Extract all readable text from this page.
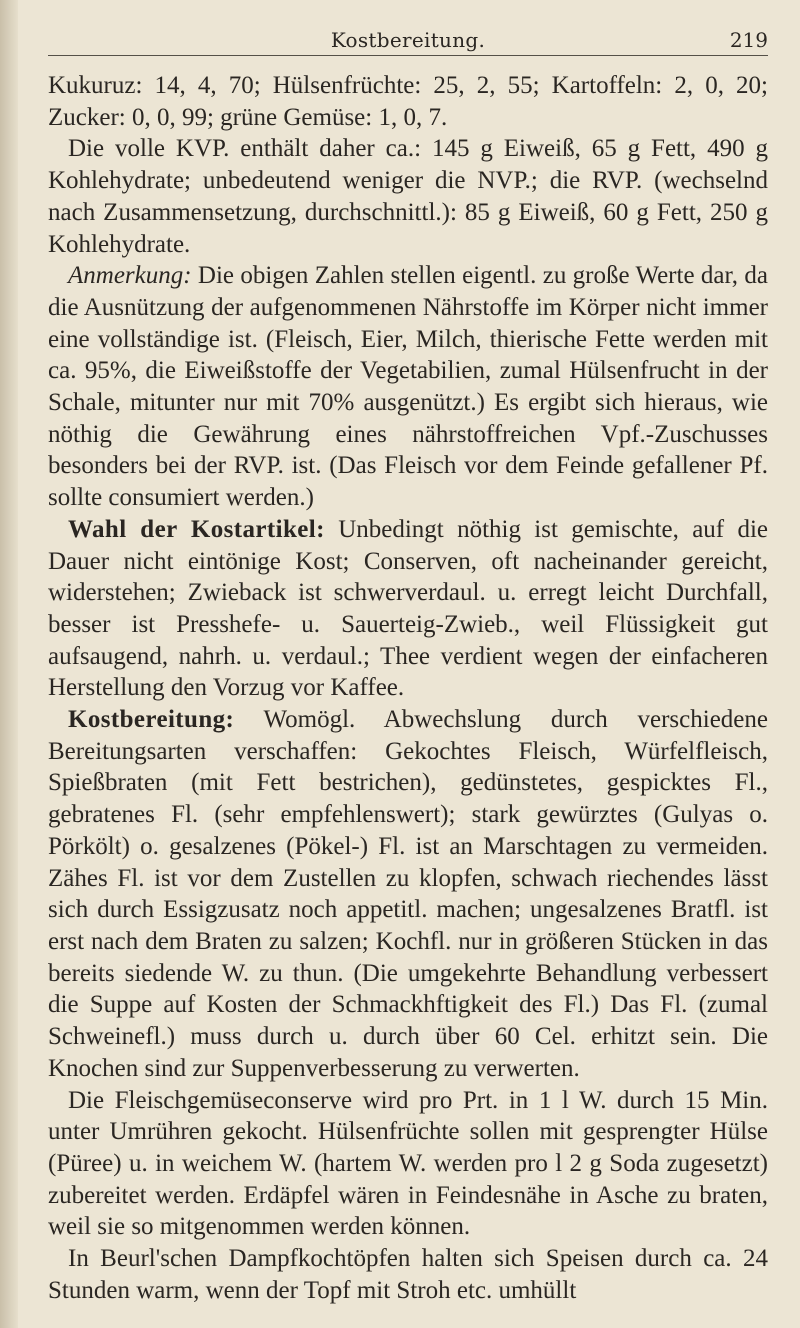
Kostbereitung.	219

Kukuruz: 14, 4, 70; Hülsenfrüchte: 25, 2, 55; Kartoffeln: 2, 0, 20; Zucker: 0, 0, 99; grüne Gemüse: 1, 0, 7.

Die volle KVP. enthält daher ca.: 145 g Eiweiß, 65 g Fett, 490 g Kohlehydrate; unbedeutend weniger die NVP.; die RVP. (wechselnd nach Zusammensetzung, durchschnittl.): 85 g Eiweiß, 60 g Fett, 250 g Kohlehydrate.

Anmerkung: Die obigen Zahlen stellen eigentl. zu große Werte dar, da die Ausnützung der aufgenommenen Nährstoffe im Körper nicht immer eine vollständige ist. (Fleisch, Eier, Milch, thierische Fette werden mit ca. 95%, die Eiweißstoffe der Vegetabilien, zumal Hülsenfrucht in der Schale, mitunter nur mit 70% ausgenützt.) Es ergibt sich hieraus, wie nöthig die Gewährung eines nährstoffreichen Vpf.-Zuschusses besonders bei der RVP. ist. (Das Fleisch vor dem Feinde gefallener Pf. sollte consumiert werden.)

Wahl der Kostartikel: Unbedingt nöthig ist gemischte, auf die Dauer nicht eintönige Kost; Conserven, oft nacheinander gereicht, widerstehen; Zwieback ist schwerverdaul. u. erregt leicht Durchfall, besser ist Presshefe- u. Sauerteig-Zwieb., weil Flüssigkeit gut aufsaugend, nahrh. u. verdaul.; Thee verdient wegen der einfacheren Herstellung den Vorzug vor Kaffee.

Kostbereitung: Womögl. Abwechslung durch verschiedene Bereitungsarten verschaffen: Gekochtes Fleisch, Würfelfleisch, Spießbraten (mit Fett bestrichen), gedünstetes, gespicktes Fl., gebratenes Fl. (sehr empfehlenswert); stark gewürztes (Gulyas o. Pörkölt) o. gesalzenes (Pökel-) Fl. ist an Marschtagen zu vermeiden. Zähes Fl. ist vor dem Zustellen zu klopfen, schwach riechendes lässt sich durch Essigzusatz noch appetitl. machen; ungesalzenes Bratfl. ist erst nach dem Braten zu salzen; Kochfl. nur in größeren Stücken in das bereits siedende W. zu thun. (Die umgekehrte Behandlung verbessert die Suppe auf Kosten der Schmackhftigkeit des Fl.) Das Fl. (zumal Schweinefl.) muss durch u. durch über 60 Cel. erhitzt sein. Die Knochen sind zur Suppenverbesserung zu verwerten.

Die Fleischgemüseconserve wird pro Prt. in 1 l W. durch 15 Min. unter Umrühren gekocht. Hülsenfrüchte sollen mit gesprengter Hülse (Püree) u. in weichem W. (hartem W. werden pro l 2 g Soda zugesetzt) zubereitet werden. Erdäpfel wären in Feindesnähe in Asche zu braten, weil sie so mitgenommen werden können.

In Beurl'schen Dampfkochtöpfen halten sich Speisen durch ca. 24 Stunden warm, wenn der Topf mit Stroh etc. umhüllt
